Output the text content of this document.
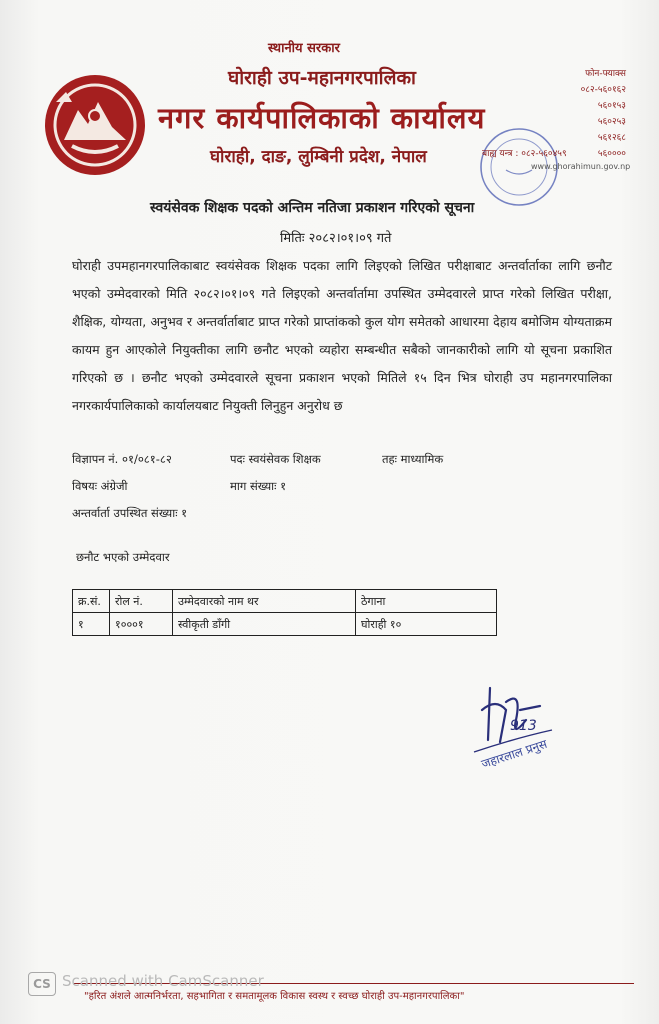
स्थानीय सरकार
घोराही उप-महानगरपालिका
नगर कार्यपालिकाको कार्यालय
घोराही, दाङ, लुम्बिनी प्रदेश, नेपाल
फोन-फ्याक्स
०८२-५६०१६२
५६०१५३
५६०२५३
५६१२६८
५६००००
बाह्य यन्त्र : ०८२-५६०४५९
www.ghorahimun.gov.np
स्वयंसेवक शिक्षक पदको अन्तिम नतिजा प्रकाशन गरिएको सूचना
मितिः २०८२।०१।०९ गते
घोराही उपमहानगरपालिकाबाट स्वयंसेवक शिक्षक पदका लागि लिइएको लिखित परीक्षाबाट अन्तर्वार्ताका लागि छनौट भएको उम्मेदवारको मिति २०८२।०१।०९ गते लिइएको अन्तर्वार्तामा उपस्थित उम्मेदवारले प्राप्त गरेको लिखित परीक्षा, शैक्षिक, योग्यता, अनुभव र अन्तर्वार्ताबाट प्राप्त गरेको प्राप्तांकको कुल योग समेतको आधारमा देहाय बमोजिम योग्यताक्रम कायम हुन आएकोले नियुक्तीका लागि छनौट भएको व्यहोरा सम्बन्धीत सबैको जानकारीको लागि यो सूचना प्रकाशित गरिएको छ । छनौट भएको उम्मेदवारले सूचना प्रकाशन भएको मितिले १५ दिन भित्र घोराही उप महानगरपालिका नगरकार्यपालिकाको कार्यालयबाट नियुक्ती लिनुहुन अनुरोध छ
विज्ञापन नं. ०१/०८१-८२	पदः स्वयंसेवक शिक्षक	तहः माध्यामिक
विषयः अंग्रेजी	माग संख्याः १
अन्तर्वार्ता उपस्थित संख्याः १
छनौट भएको उम्मेदवार
क्र.सं.	रोल नं.	उम्मेदवारको नाम थर	ठेगाना
१	१०००१	स्वीकृती डाँगी	घोराही १०
913
जहारलाल प्रनुस
"हरित अंशले आत्मनिर्भरता, सहभागिता र समतामूलक विकास स्वस्थ र स्वच्छ घोराही उप-महानगरपालिका"
CS Scanned with CamScanner
